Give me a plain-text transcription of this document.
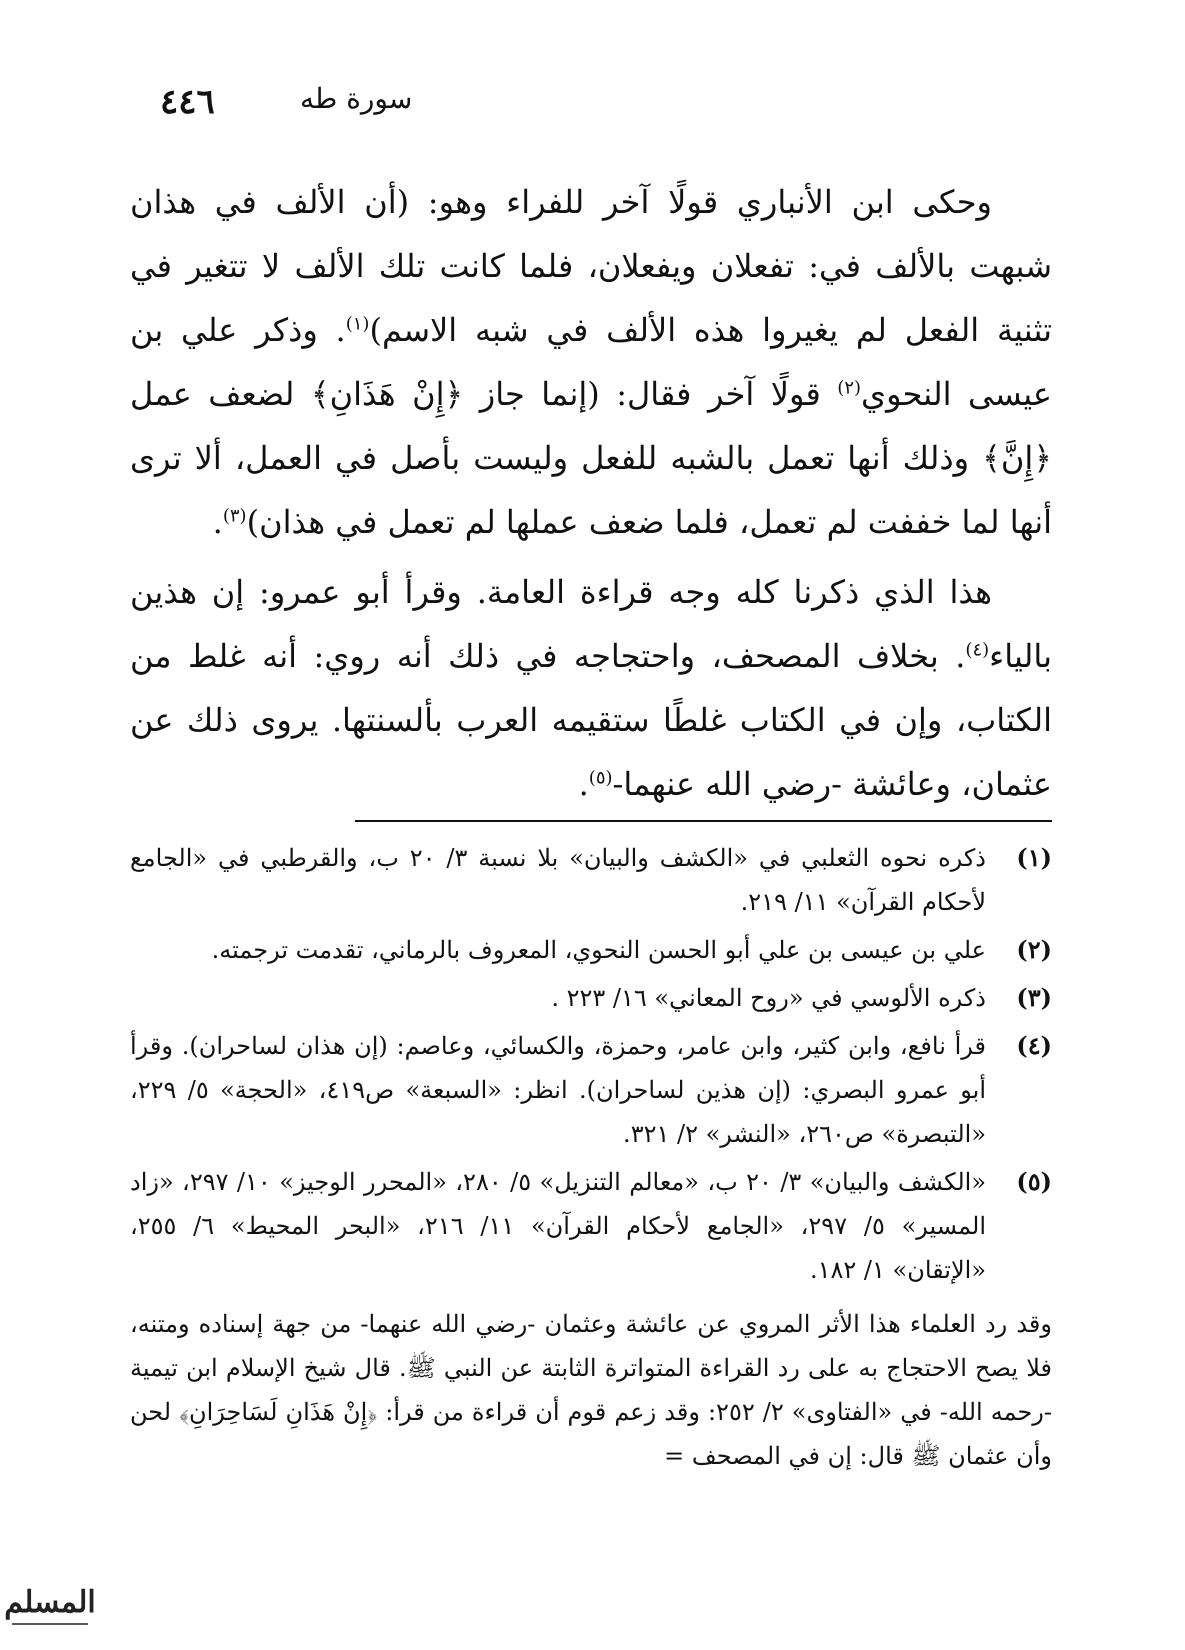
٤٤٦	سورة طه

وحكى ابن الأنباري قولًا آخر للفراء وهو: (أن الألف في هذان شبهت بالألف في: تفعلان ويفعلان، فلما كانت تلك الألف لا تتغير في تثنية الفعل لم يغيروا هذه الألف في شبه الاسم)$^{(١)}$. وذكر علي بن عيسى النحوي$^{(٢)}$ قولًا آخر فقال: (إنما جاز ﴿إِنْ هَذَانِ﴾ لضعف عمل ﴿إِنَّ﴾ وذلك أنها تعمل بالشبه للفعل وليست بأصل في العمل، ألا ترى أنها لما خففت لم تعمل، فلما ضعف عملها لم تعمل في هذان)$^{(٣)}$.

هذا الذي ذكرنا كله وجه قراءة العامة. وقرأ أبو عمرو: إن هذين بالياء$^{(٤)}$. بخلاف المصحف، واحتجاجه في ذلك أنه روي: أنه غلط من الكتاب، وإن في الكتاب غلطًا ستقيمه العرب بألسنتها. يروى ذلك عن عثمان، وعائشة -رضي الله عنهما-$^{(٥)}$.

(١)
ذكره نحوه الثعلبي في «الكشف والبيان» بلا نسبة ٣/ ٢٠ ب، والقرطبي في «الجامع لأحكام القرآن» ١١/ ٢١٩.
(٢)
علي بن عيسى بن علي أبو الحسن النحوي، المعروف بالرماني، تقدمت ترجمته.
(٣)
ذكره الألوسي في «روح المعاني» ١٦/ ٢٢٣ .
(٤)
قرأ نافع، وابن كثير، وابن عامر، وحمزة، والكسائي، وعاصم: (إن هذان لساحران). وقرأ أبو عمرو البصري: (إن هذين لساحران). انظر: «السبعة» ص٤١٩، «الحجة» ٥/ ٢٢٩، «التبصرة» ص٢٦٠، «النشر» ٢/ ٣٢١.
(٥)
«الكشف والبيان» ٣/ ٢٠ ب، «معالم التنزيل» ٥/ ٢٨٠، «المحرر الوجيز» ١٠/ ٢٩٧، «زاد المسير» ٥/ ٢٩٧، «الجامع لأحكام القرآن» ١١/ ٢١٦، «البحر المحيط» ٦/ ٢٥٥، «الإتقان» ١/ ١٨٢.
وقد رد العلماء هذا الأثر المروي عن عائشة وعثمان -رضي الله عنهما- من جهة إسناده ومتنه، فلا يصح الاحتجاج به على رد القراءة المتواترة الثابتة عن النبي ﷺ. قال شيخ الإسلام ابن تيمية -رحمه الله- في «الفتاوى» ٢/ ٢٥٢: وقد زعم قوم أن قراءة من قرأ: ﴿إِنْ هَذَانِ لَسَاحِرَانِ﴾ لحن وأن عثمان ﷺ قال: إن في المصحف =
المسلم
